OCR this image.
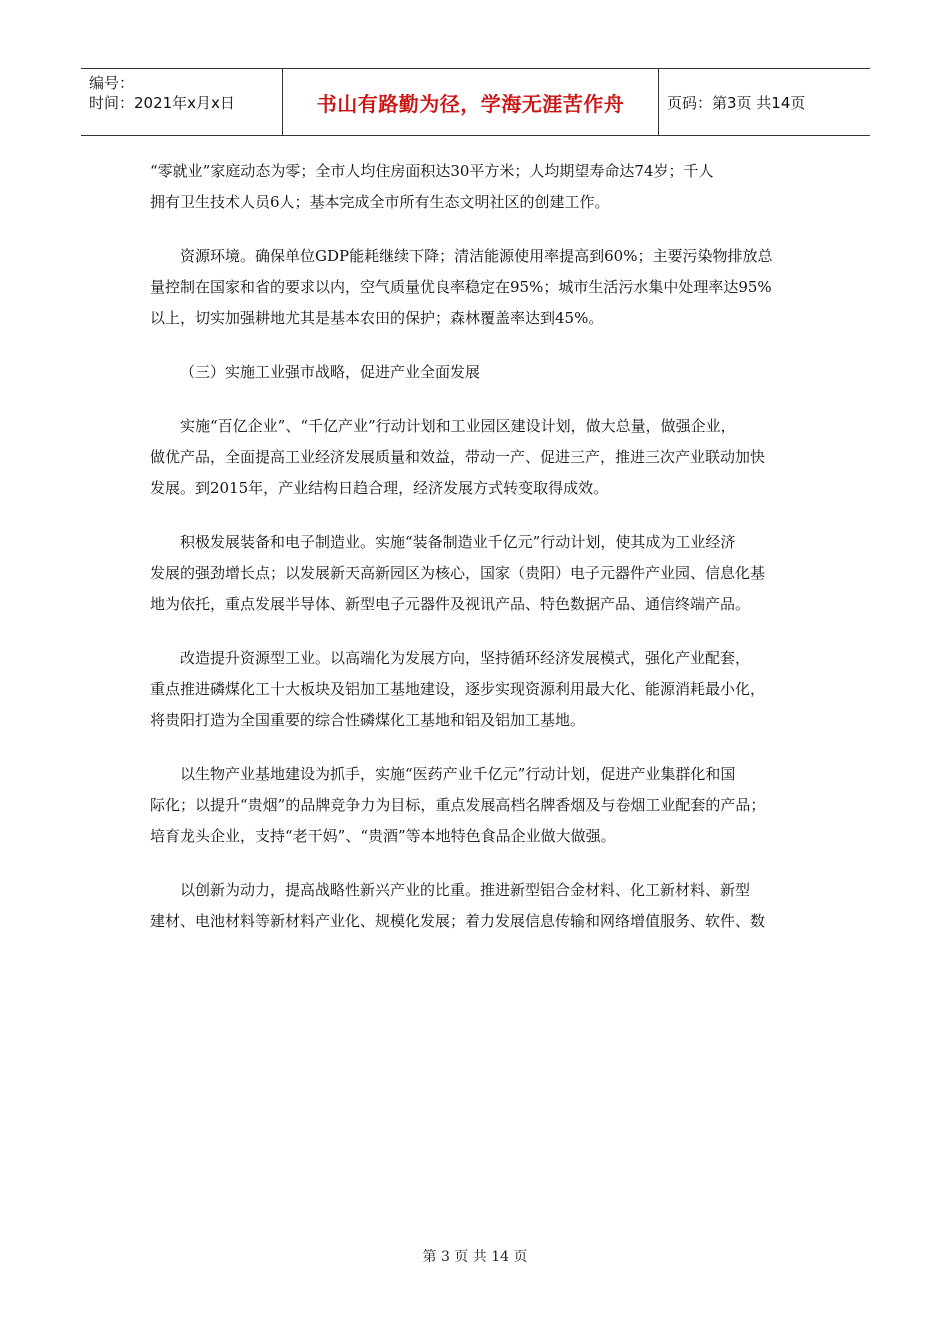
编号：
时间：2021年x月x日	书山有路勤为径，学海无涯苦作舟	页码：第3页 共14页
“零就业”家庭动态为零；全市人均住房面积达30平方米；人均期望寿命达74岁；千人
拥有卫生技术人员6人；基本完成全市所有生态文明社区的创建工作。
资源环境。确保单位GDP能耗继续下降；清洁能源使用率提高到60%；主要污染物排放总
量控制在国家和省的要求以内，空气质量优良率稳定在95%；城市生活污水集中处理率达95%
以上，切实加强耕地尤其是基本农田的保护；森林覆盖率达到45%。
（三）实施工业强市战略，促进产业全面发展
实施“百亿企业”、“千亿产业”行动计划和工业园区建设计划，做大总量，做强企业，
做优产品，全面提高工业经济发展质量和效益，带动一产、促进三产，推进三次产业联动加快
发展。到2015年，产业结构日趋合理，经济发展方式转变取得成效。
积极发展装备和电子制造业。实施“装备制造业千亿元”行动计划，使其成为工业经济
发展的强劲增长点；以发展新天高新园区为核心，国家（贵阳）电子元器件产业园、信息化基
地为依托，重点发展半导体、新型电子元器件及视讯产品、特色数据产品、通信终端产品。
改造提升资源型工业。以高端化为发展方向，坚持循环经济发展模式，强化产业配套，
重点推进磷煤化工十大板块及铝加工基地建设，逐步实现资源利用最大化、能源消耗最小化，
将贵阳打造为全国重要的综合性磷煤化工基地和铝及铝加工基地。
以生物产业基地建设为抓手，实施“医药产业千亿元”行动计划，促进产业集群化和国
际化；以提升“贵烟”的品牌竞争力为目标，重点发展高档名牌香烟及与卷烟工业配套的产品；
培育龙头企业，支持“老干妈”、“贵酒”等本地特色食品企业做大做强。
以创新为动力，提高战略性新兴产业的比重。推进新型铝合金材料、化工新材料、新型
建材、电池材料等新材料产业化、规模化发展；着力发展信息传输和网络增值服务、软件、数
第 3 页 共 14 页
